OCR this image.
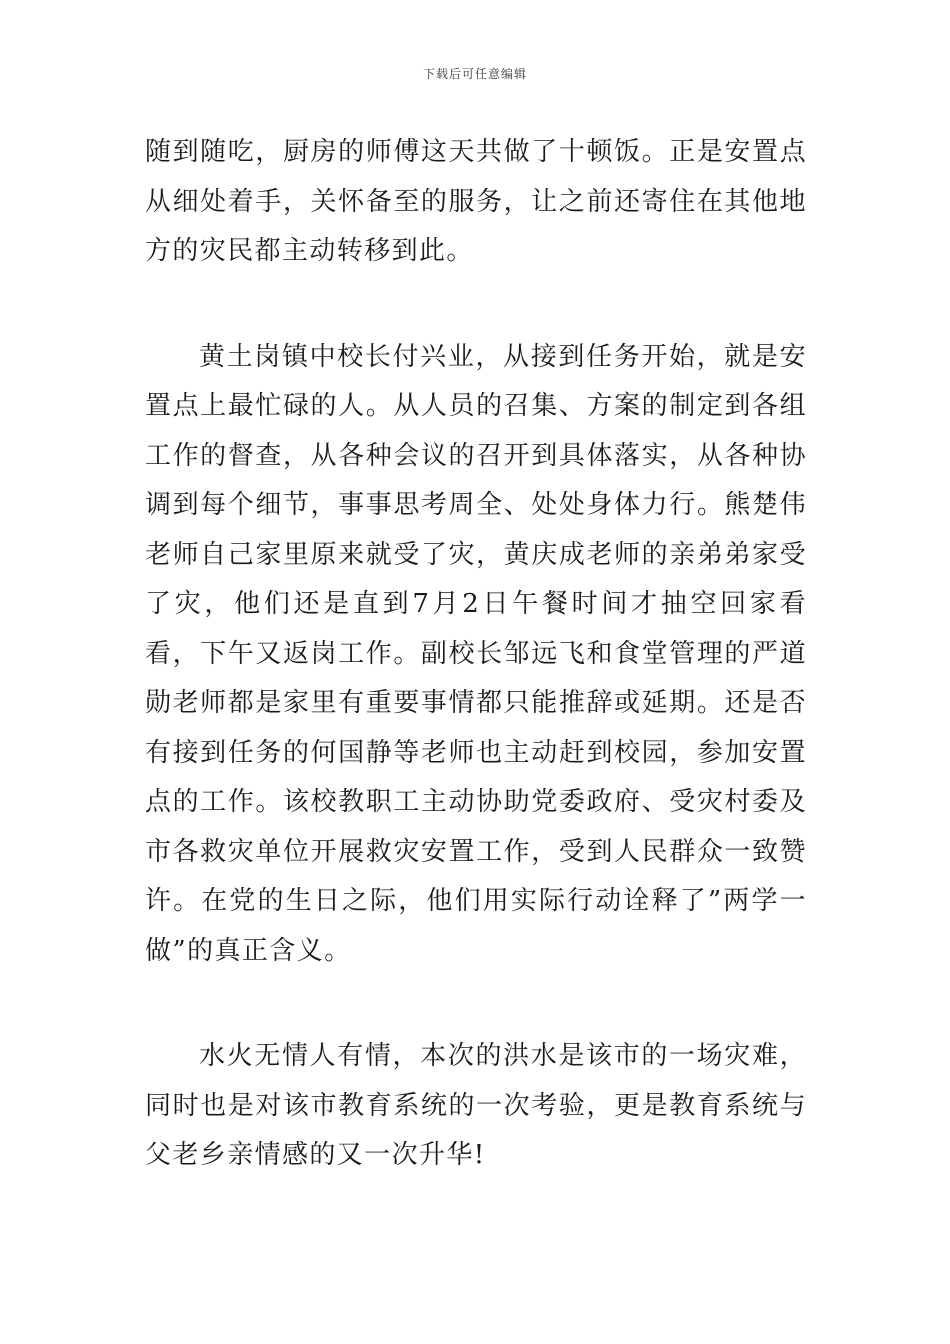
下载后可任意编辑

随到随吃，厨房的师傅这天共做了十顿饭。正是安置点从细处着手，关怀备至的服务，让之前还寄住在其他地方的灾民都主动转移到此。

黄土岗镇中校长付兴业，从接到任务开始，就是安置点上最忙碌的人。从人员的召集、方案的制定到各组工作的督查，从各种会议的召开到具体落实，从各种协调到每个细节，事事思考周全、处处身体力行。熊楚伟老师自己家里原来就受了灾，黄庆成老师的亲弟弟家受了灾，他们还是直到7月2日午餐时间才抽空回家看看，下午又返岗工作。副校长邹远飞和食堂管理的严道勋老师都是家里有重要事情都只能推辞或延期。还是否有接到任务的何国静等老师也主动赶到校园，参加安置点的工作。该校教职工主动协助党委政府、受灾村委及市各救灾单位开展救灾安置工作，受到人民群众一致赞许。在党的生日之际，他们用实际行动诠释了”两学一做”的真正含义。

水火无情人有情，本次的洪水是该市的一场灾难，同时也是对该市教育系统的一次考验，更是教育系统与父老乡亲情感的又一次升华!
